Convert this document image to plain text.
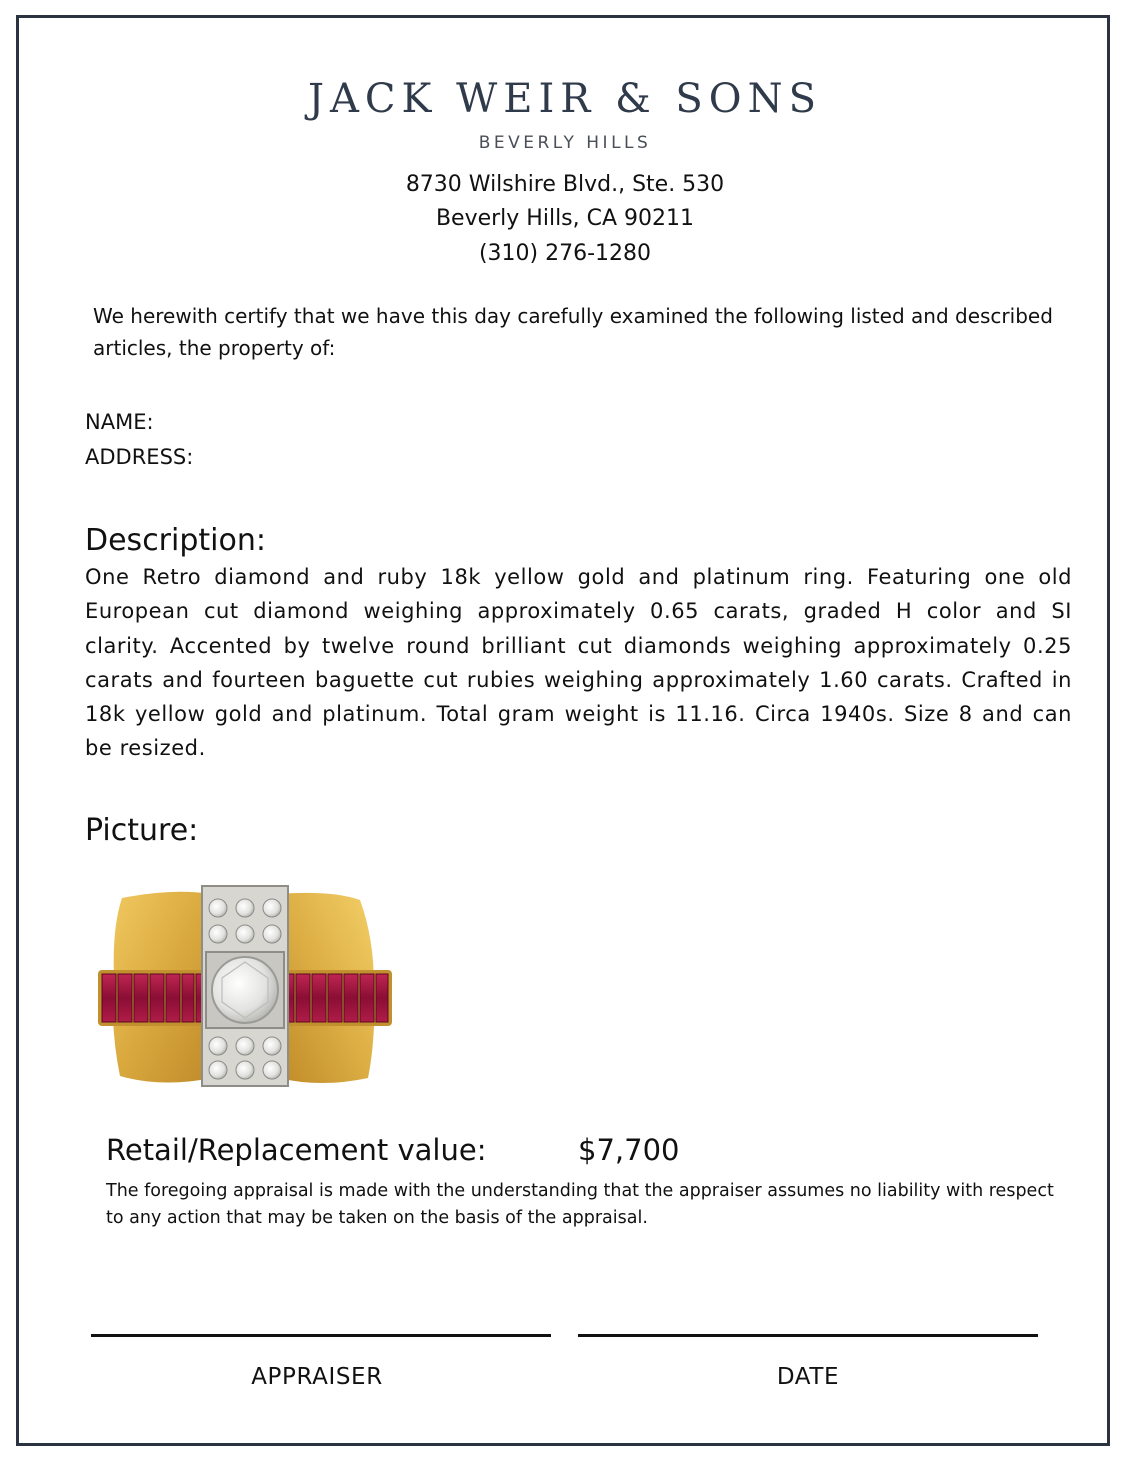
JACK WEIR & SONS
BEVERLY HILLS
8730 Wilshire Blvd., Ste. 530
Beverly Hills, CA 90211
(310) 276-1280
We herewith certify that we have this day carefully examined the following listed and described articles, the property of:
NAME:
ADDRESS:
Description:
One Retro diamond and ruby 18k yellow gold and platinum ring. Featuring one old European cut diamond weighing approximately 0.65 carats, graded H color and SI clarity. Accented by twelve round brilliant cut diamonds weighing approximately 0.25 carats and fourteen baguette cut rubies weighing approximately 1.60 carats. Crafted in 18k yellow gold and platinum. Total gram weight is 11.16. Circa 1940s. Size 8 and can be resized.
Picture:
Retail/Replacement value:	$7,700
The foregoing appraisal is made with the understanding that the appraiser assumes no liability with respect to any action that may be taken on the basis of the appraisal.
APPRAISER	DATE
